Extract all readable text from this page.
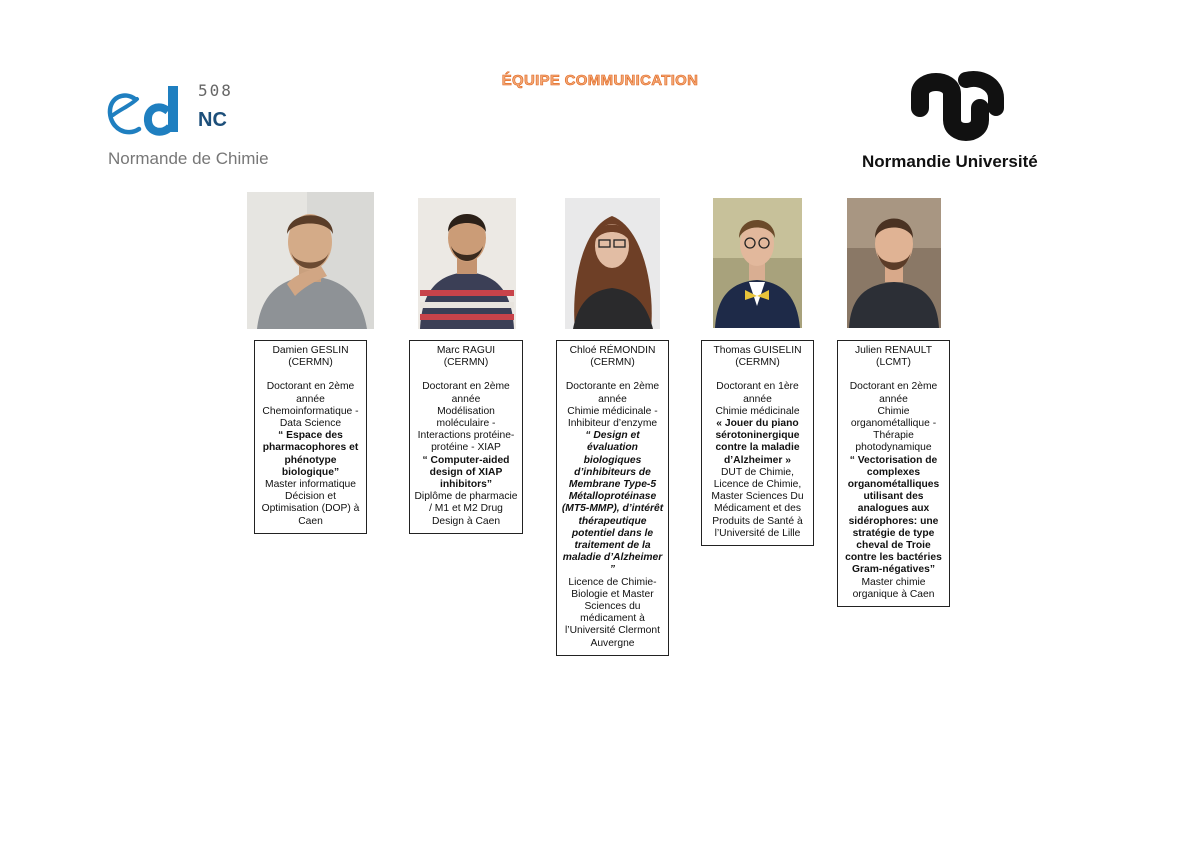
ÉQUIPE COMMUNICATION
508
NC
Normande de Chimie	Normandie Université
Damien GESLIN
(CERMN)
Doctorant en 2ème année
Chemoinformatique - Data Science
“ Espace des pharmacophores et phénotype biologique”
Master informatique Décision et Optimisation (DOP) à Caen
Marc RAGUI
(CERMN)
Doctorant en 2ème année
Modélisation moléculaire - Interactions protéine-protéine - XIAP
“ Computer-aided design of XIAP inhibitors”
Diplôme de pharmacie / M1 et M2 Drug Design à Caen
Chloé RÉMONDIN
(CERMN)
Doctorante en 2ème année
Chimie médicinale - Inhibiteur d’enzyme
“ Design et évaluation biologiques d’inhibiteurs de Membrane Type-5 Métalloprotéinase (MT5-MMP), d’intérêt thérapeutique potentiel dans le traitement de la maladie d’Alzheimer ”
Licence de Chimie-Biologie et Master Sciences du médicament à l’Université Clermont Auvergne
Thomas GUISELIN
(CERMN)
Doctorant en 1ère année
Chimie médicinale
« Jouer du piano sérotoninergique contre la maladie d’Alzheimer »
DUT de Chimie, Licence de Chimie, Master Sciences Du Médicament et des Produits de Santé à l’Université de Lille
Julien RENAULT
(LCMT)
Doctorant en 2ème année
Chimie organométallique - Thérapie photodynamique
“ Vectorisation de complexes organométalliques utilisant des analogues aux sidérophores: une stratégie de type cheval de Troie contre les bactéries Gram-négatives”
Master chimie organique à Caen
